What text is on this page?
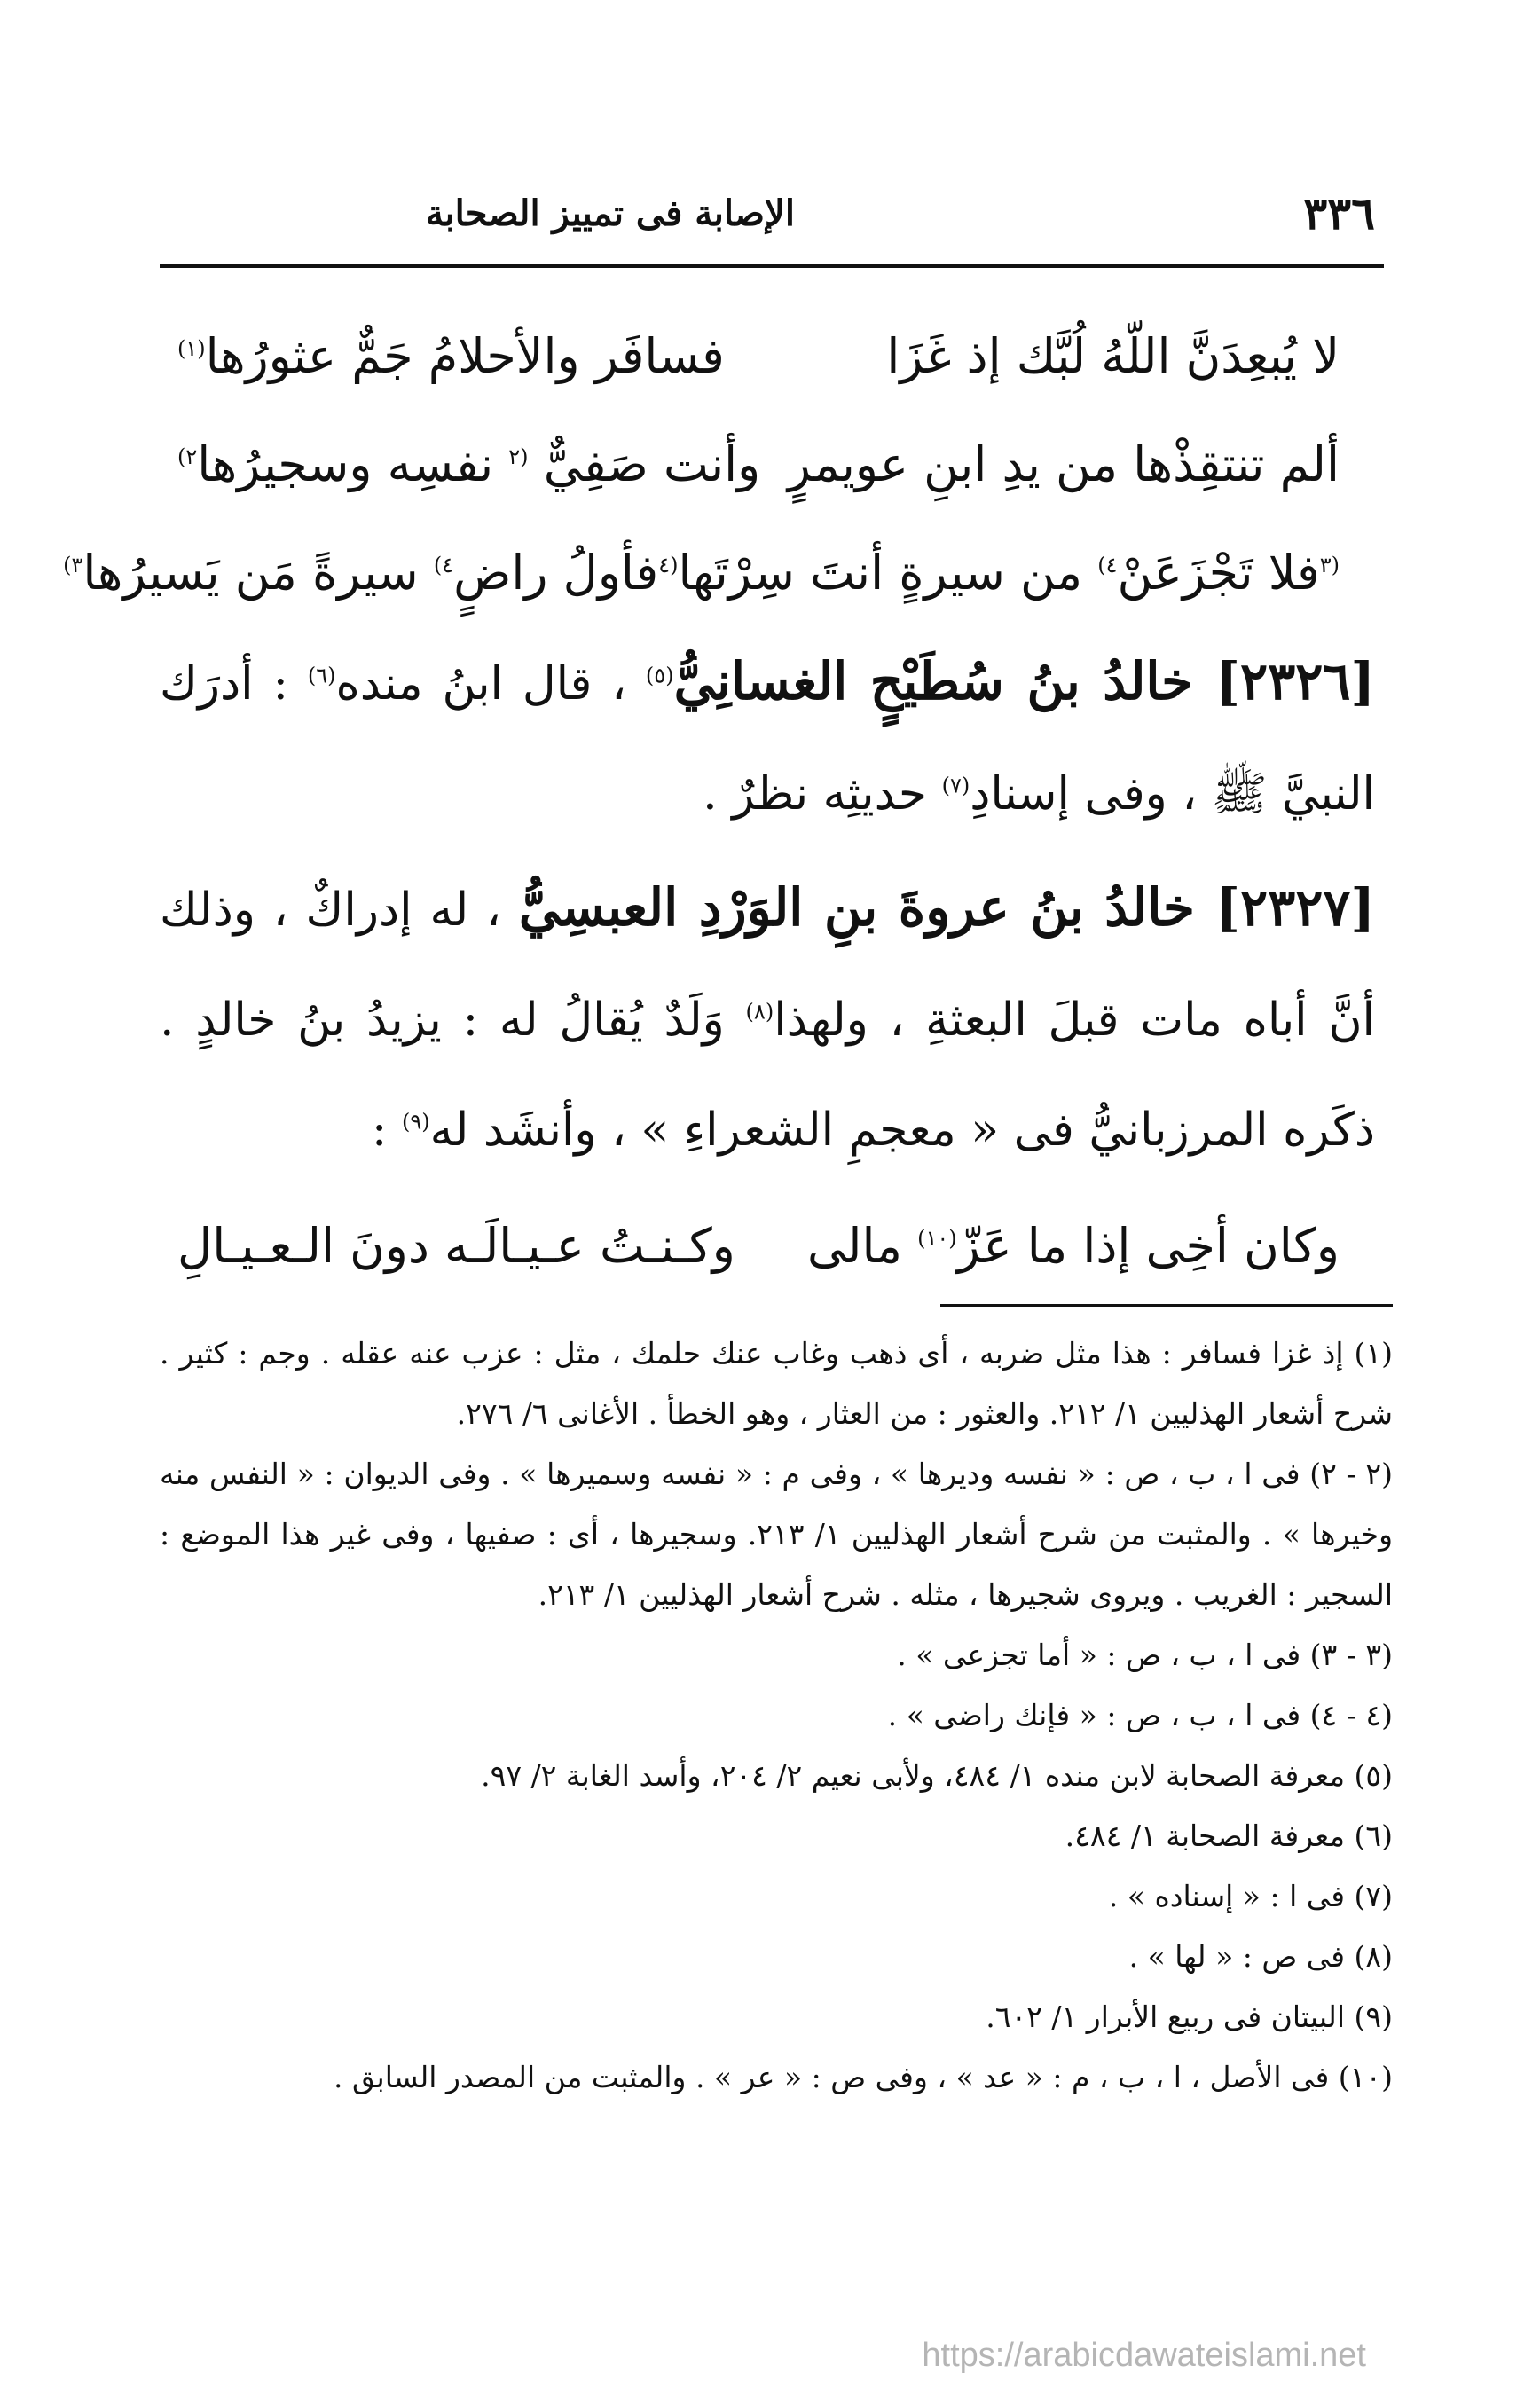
٣٣٦
الإصابة فى تمييز الصحابة
لا يُبعِدَنَّ اللّهُ لُبَّك إذ غَزَا
فسافَر والأحلامُ جَمٌّ عثورُها$^{(١)}$
ألم تنتقِذْها من يدِ ابنِ عويمرٍ
وأنت صَفِيٌّ $^{(٢}$ نفسِه وسجيرُها$^{٢)}$
$^{(٣}$فلا تَجْزَعَنْ$^{٤)}$ من سيرةٍ أنتَ سِرْتَها
$^{(٤}$فأولُ راضٍ$^{٤)}$ سيرةً مَن يَسيرُها$^{٣)}$

[٢٣٢٦] خالدُ بنُ سُطَيْحٍ الغسانِيُّ$^{(٥)}$ ، قال ابنُ منده$^{(٦)}$ : أدرَك النبيَّ ﷺ ، وفى إسنادِ$^{(٧)}$ حديثِه نظرٌ .

[٢٣٢٧] خالدُ بنُ عروةَ بنِ الوَرْدِ العبسِيُّ ، له إدراكٌ ، وذلك أنَّ أباه مات قبلَ البعثةِ ، ولهذا$^{(٨)}$ وَلَدٌ يُقالُ له : يزيدُ بنُ خالدٍ . ذكَره المرزبانيُّ فى « معجمِ الشعراءِ » ، وأنشَد له$^{(٩)}$ :

وكان أخِى إذا ما عَزّ$^{(١٠)}$ مالى
وكـنـتُ عـيـالَـه دونَ الـعـيـالِ
(١) إذ غزا فسافر : هذا مثل ضربه ، أى ذهب وغاب عنك حلمك ، مثل : عزب عنه عقله . وجم : كثير . شرح أشعار الهذليين ١/ ٢١٢. والعثور : من العثار ، وهو الخطأ . الأغانى ٦/ ٢٧٦.
(٢ - ٢) فى ا ، ب ، ص : « نفسه وديرها » ، وفى م : « نفسه وسميرها » . وفى الديوان : « النفس منه وخيرها » . والمثبت من شرح أشعار الهذليين ١/ ٢١٣. وسجيرها ، أى : صفيها ، وفى غير هذا الموضع : السجير : الغريب . ويروى شجيرها ، مثله . شرح أشعار الهذليين ١/ ٢١٣.
(٣ - ٣) فى ا ، ب ، ص : « أما تجزعى » .
(٤ - ٤) فى ا ، ب ، ص : « فإنك راضى » .
(٥) معرفة الصحابة لابن منده ١/ ٤٨٤، ولأبى نعيم ٢/ ٢٠٤، وأسد الغابة ٢/ ٩٧.
(٦) معرفة الصحابة ١/ ٤٨٤.
(٧) فى ا : « إسناده » .
(٨) فى ص : « لها » .
(٩) البيتان فى ربيع الأبرار ١/ ٦٠٢.
(١٠) فى الأصل ، ا ، ب ، م : « عد » ، وفى ص : « عر » . والمثبت من المصدر السابق .
https://arabicdawateislami.net
